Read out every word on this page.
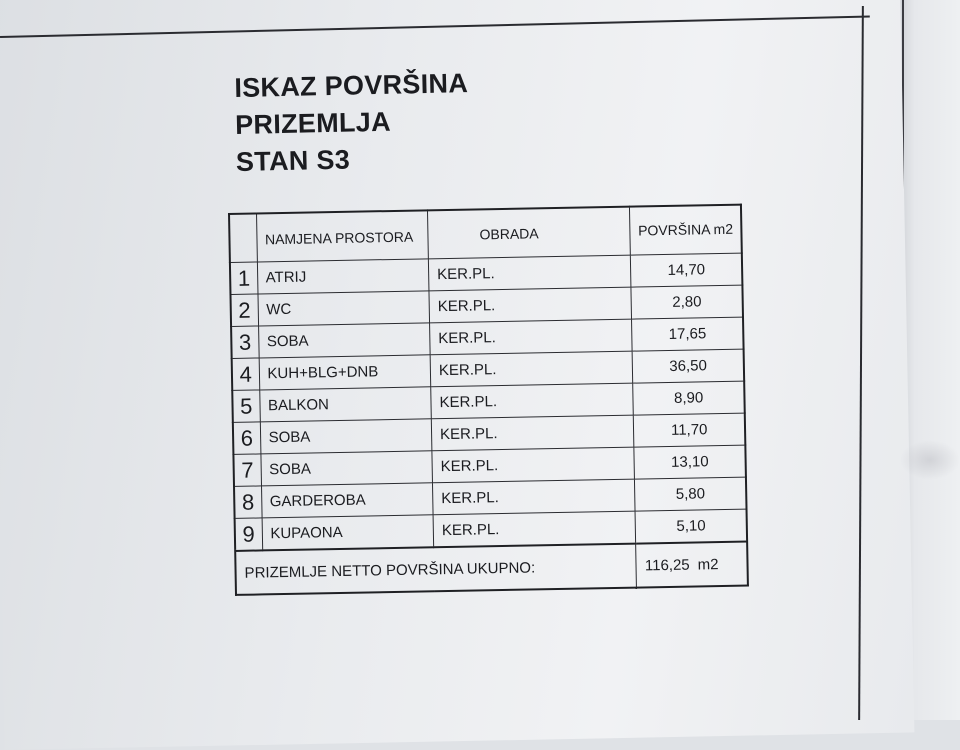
ISKAZ POVRŠINA
PRIZEMLJA
STAN S3
	NAMJENA PROSTORA	OBRADA	POVRŠINA m2
1	ATRIJ	KER.PL.	14,70
2	WC	KER.PL.	2,80
3	SOBA	KER.PL.	17,65
4	KUH+BLG+DNB	KER.PL.	36,50
5	BALKON	KER.PL.	8,90
6	SOBA	KER.PL.	11,70
7	SOBA	KER.PL.	13,10
8	GARDEROBA	KER.PL.	5,80
9	KUPAONA	KER.PL.	5,10
PRIZEMLJE NETTO POVRŠINA UKUPNO:			116,25 m2
